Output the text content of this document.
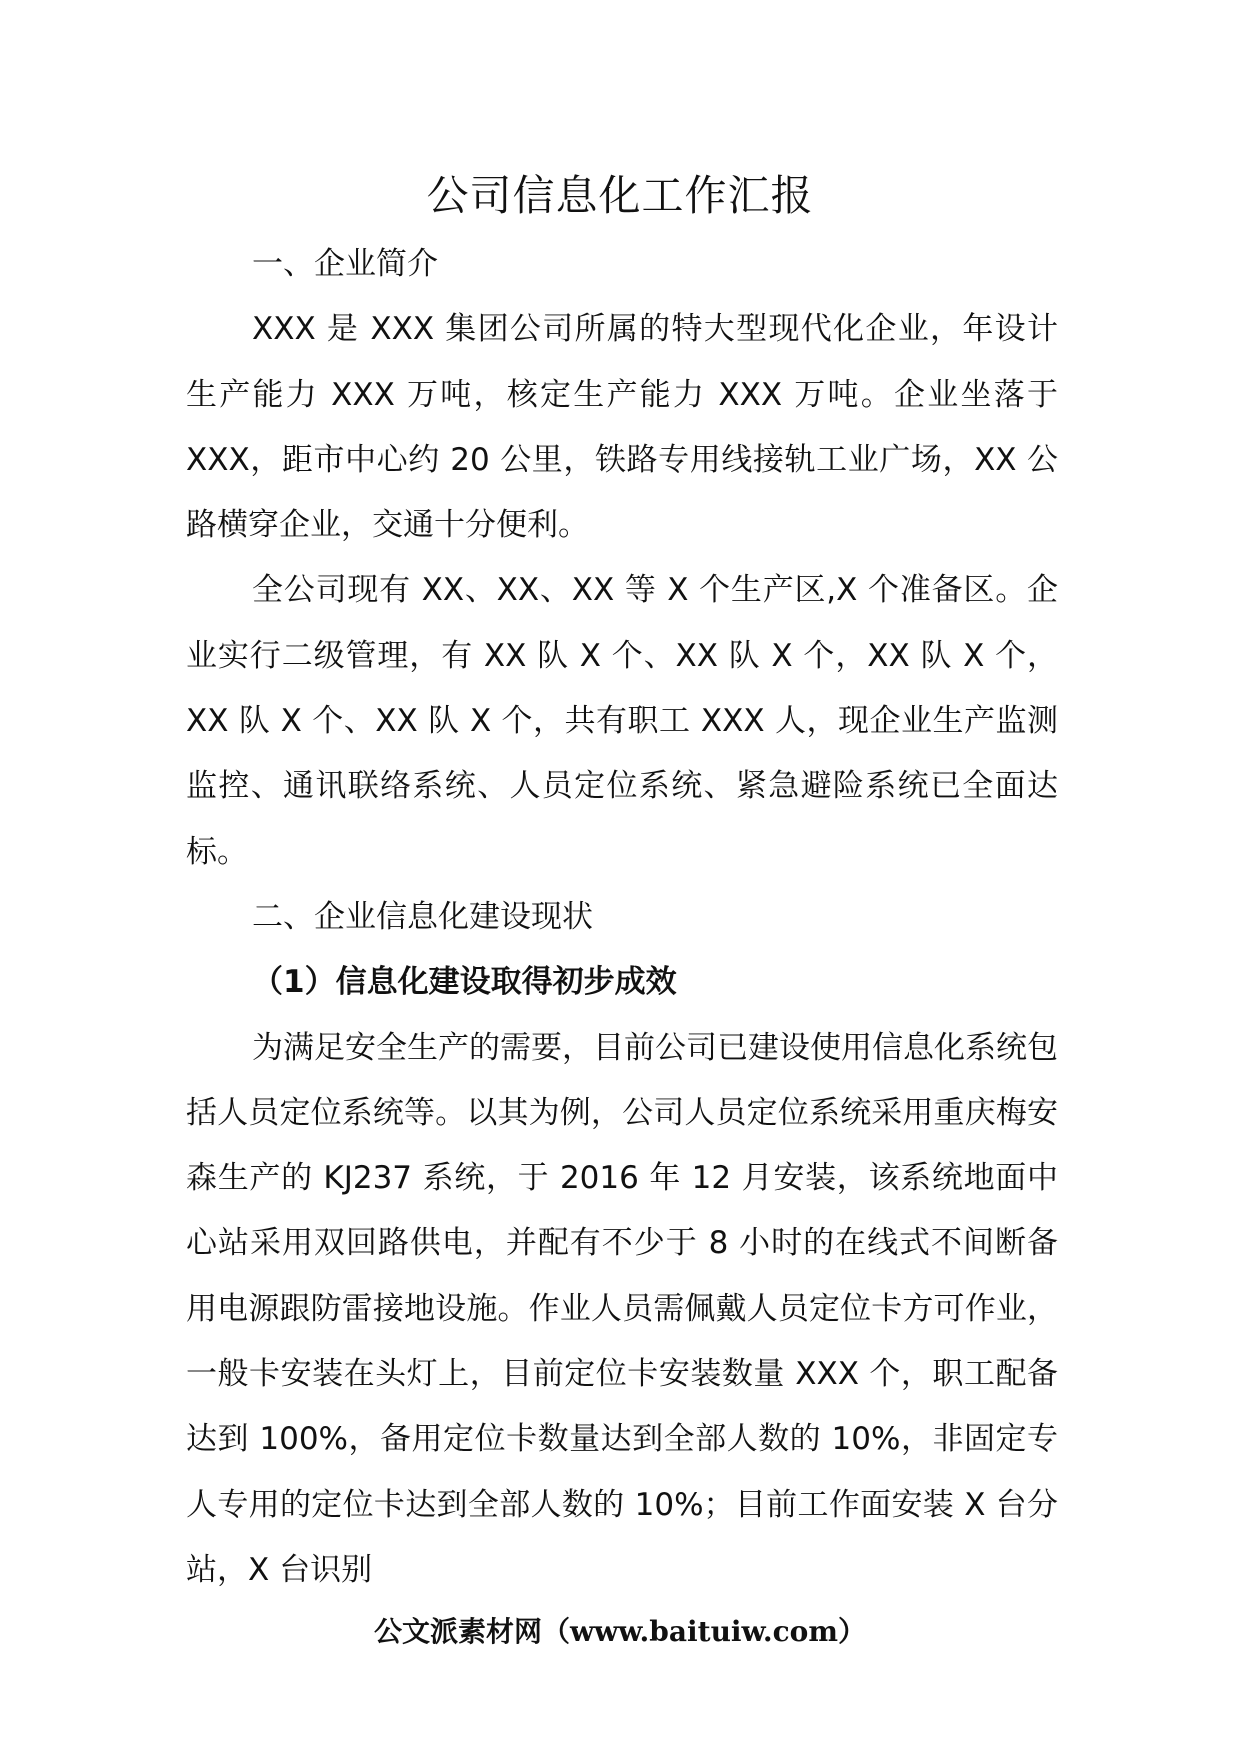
公司信息化工作汇报

一、企业简介

XXX 是 XXX 集团公司所属的特大型现代化企业，年设计生产能力 XXX 万吨，核定生产能力 XXX 万吨。企业坐落于 XXX，距市中心约 20 公里，铁路专用线接轨工业广场，XX 公路横穿企业，交通十分便利。

全公司现有 XX、XX、XX 等 X 个生产区,X 个准备区。企业实行二级管理，有 XX 队 X 个、XX 队 X 个，XX 队 X 个，XX 队 X 个、XX 队 X 个，共有职工 XXX 人，现企业生产监测监控、通讯联络系统、人员定位系统、紧急避险系统已全面达标。

二、企业信息化建设现状

（1）信息化建设取得初步成效

为满足安全生产的需要，目前公司已建设使用信息化系统包括人员定位系统等。以其为例，公司人员定位系统采用重庆梅安森生产的 KJ237 系统，于 2016 年 12 月安装，该系统地面中心站采用双回路供电，并配有不少于 8 小时的在线式不间断备用电源跟防雷接地设施。作业人员需佩戴人员定位卡方可作业，一般卡安装在头灯上，目前定位卡安装数量 XXX 个，职工配备达到 100%，备用定位卡数量达到全部人数的 10%，非固定专人专用的定位卡达到全部人数的 10%；目前工作面安装 X 台分站，X 台识别

公文派素材网（www.baituiw.com）
